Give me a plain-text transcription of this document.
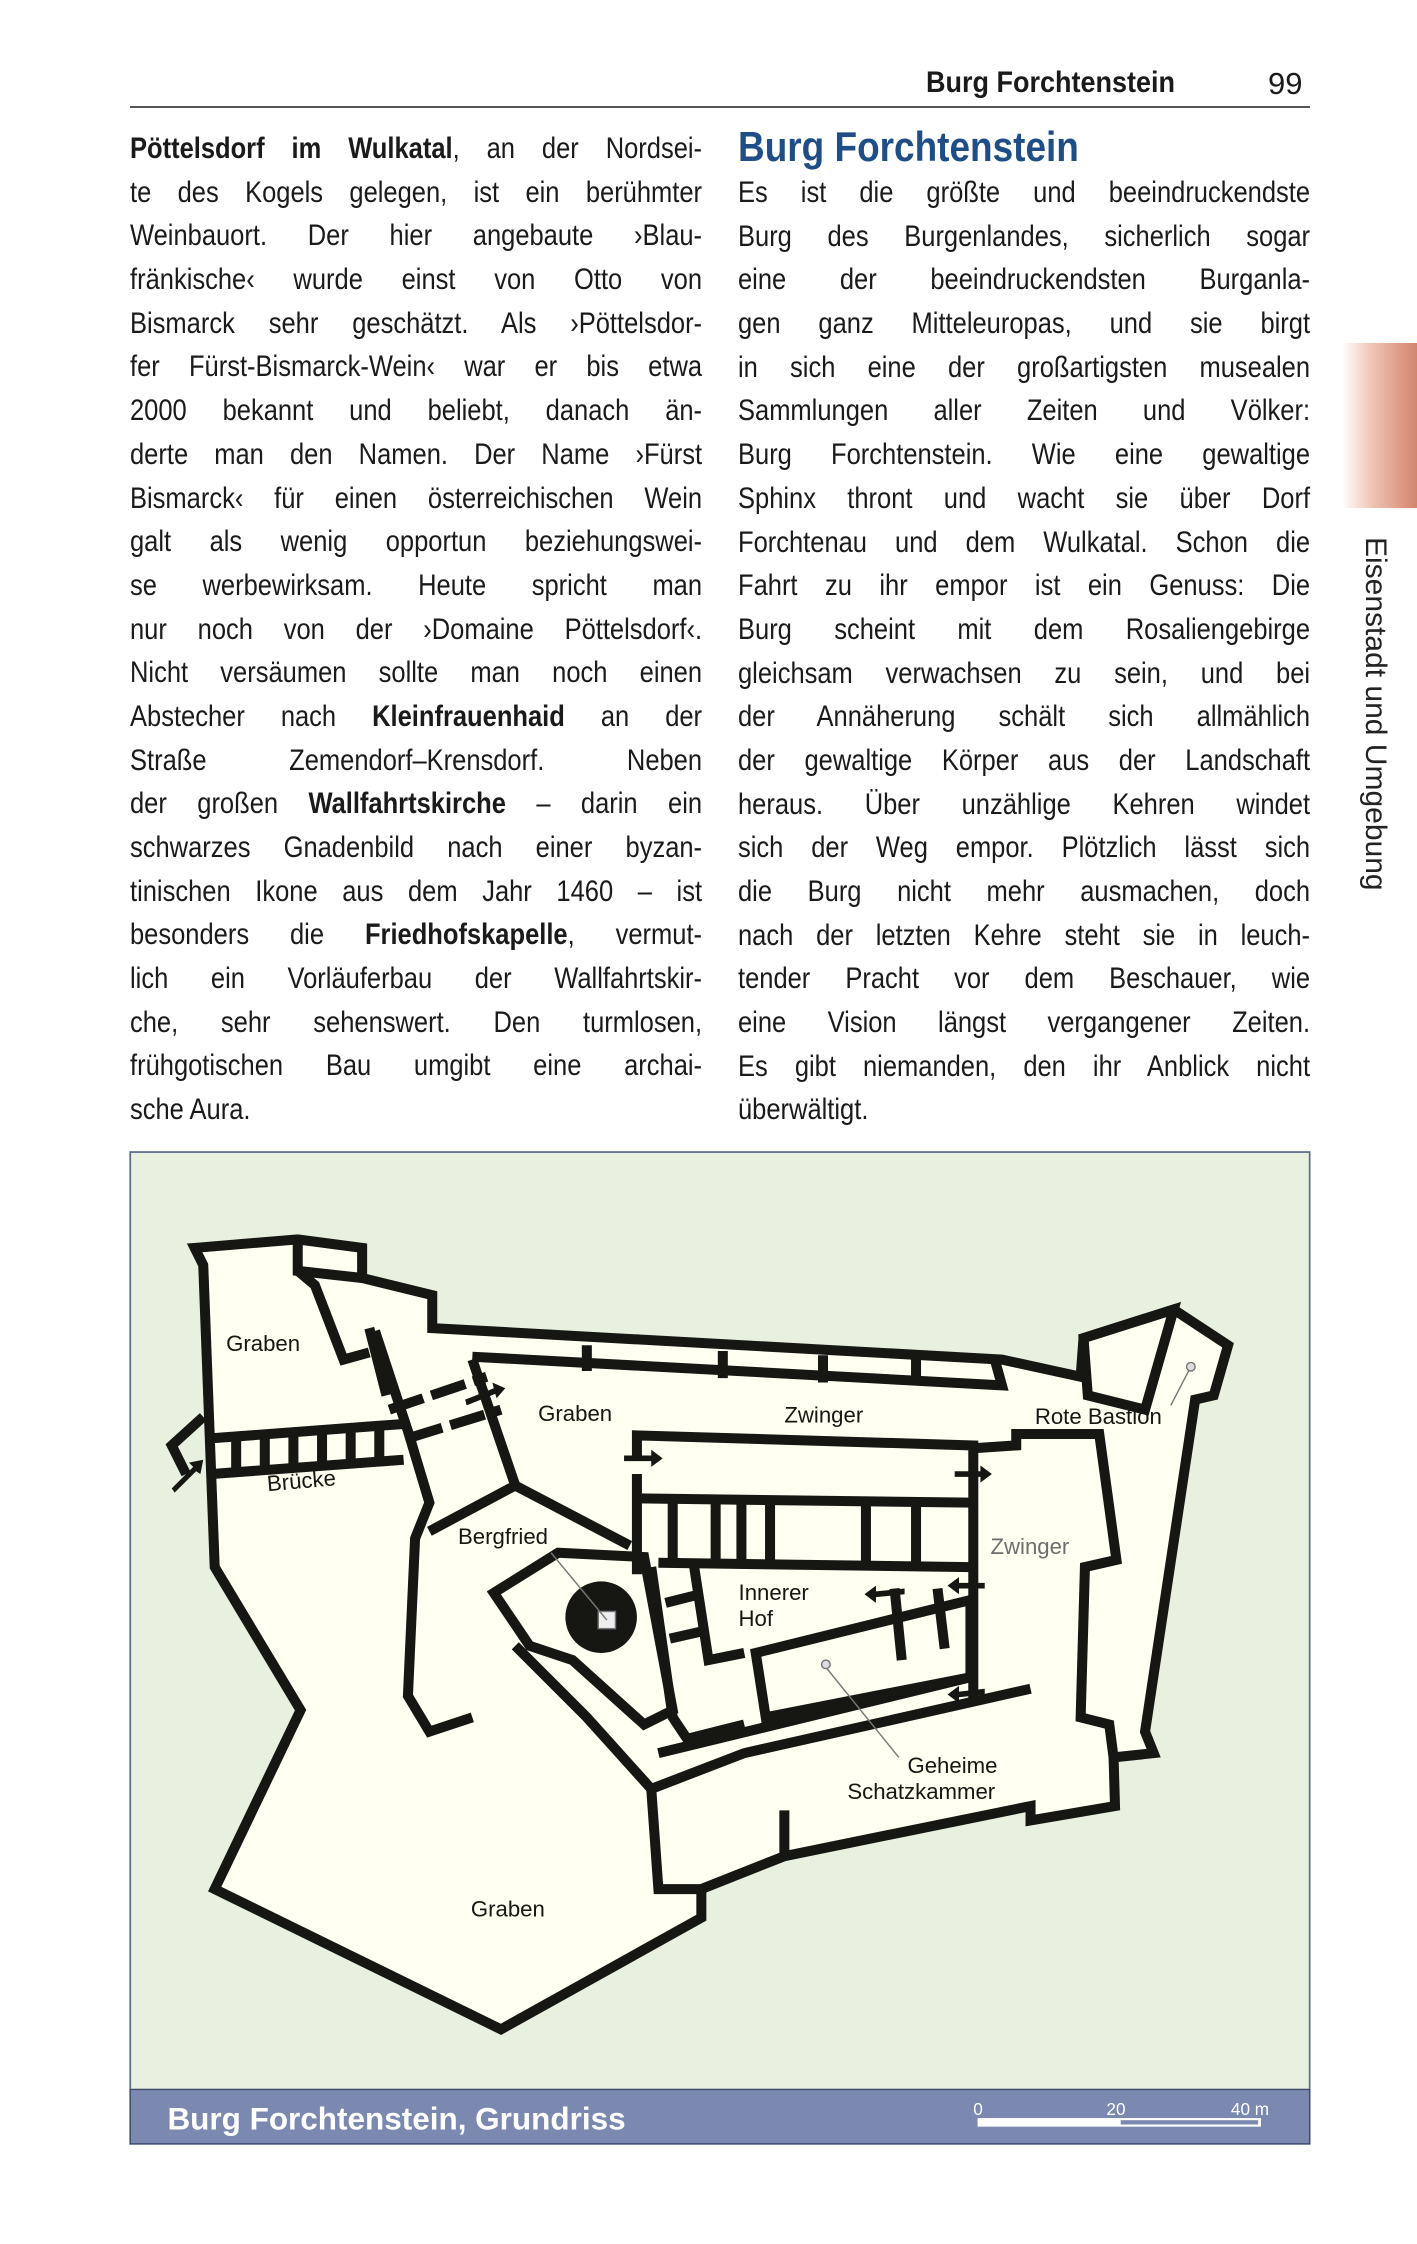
Burg Forchtenstein	99
Pöttelsdorf im Wulkatal, an der Nordsei-
te des Kogels gelegen, ist ein berühmter
Weinbauort. Der hier angebaute ›Blau-
fränkische‹ wurde einst von Otto von
Bismarck sehr geschätzt. Als ›Pöttelsdor-
fer Fürst-Bismarck-Wein‹ war er bis etwa
2000 bekannt und beliebt, danach än-
derte man den Namen. Der Name ›Fürst
Bismarck‹ für einen österreichischen Wein
galt als wenig opportun beziehungswei-
se werbewirksam. Heute spricht man
nur noch von der ›Domaine Pöttelsdorf‹.
Nicht versäumen sollte man noch einen
Abstecher nach Kleinfrauenhaid an der
Straße Zemendorf–Krensdorf. Neben
der großen Wallfahrtskirche – darin ein
schwarzes Gnadenbild nach einer byzan-
tinischen Ikone aus dem Jahr 1460 – ist
besonders die Friedhofskapelle, vermut-
lich ein Vorläuferbau der Wallfahrtskir-
che, sehr sehenswert. Den turmlosen,
frühgotischen Bau umgibt eine archai-
sche Aura.
Burg Forchtenstein
Es ist die größte und beeindruckendste
Burg des Burgenlandes, sicherlich sogar
eine der beeindruckendsten Burganla-
gen ganz Mitteleuropas, und sie birgt
in sich eine der großartigsten musealen
Sammlungen aller Zeiten und Völker:
Burg Forchtenstein. Wie eine gewaltige
Sphinx thront und wacht sie über Dorf
Forchtenau und dem Wulkatal. Schon die
Fahrt zu ihr empor ist ein Genuss: Die
Burg scheint mit dem Rosaliengebirge
gleichsam verwachsen zu sein, und bei
der Annäherung schält sich allmählich
der gewaltige Körper aus der Landschaft
heraus. Über unzählige Kehren windet
sich der Weg empor. Plötzlich lässt sich
die Burg nicht mehr ausmachen, doch
nach der letzten Kehre steht sie in leuch-
tender Pracht vor dem Beschauer, wie
eine Vision längst vergangener Zeiten.
Es gibt niemanden, den ihr Anblick nicht
überwältigt.
Eisenstadt und Umgebung
Graben
Graben	Zwinger	Rote Bastion
Brücke
Bergfried	Zwinger
Innerer
Hof
Geheime
Schatzkammer
Graben
Burg Forchtenstein, Grundriss	0	20	40 m
